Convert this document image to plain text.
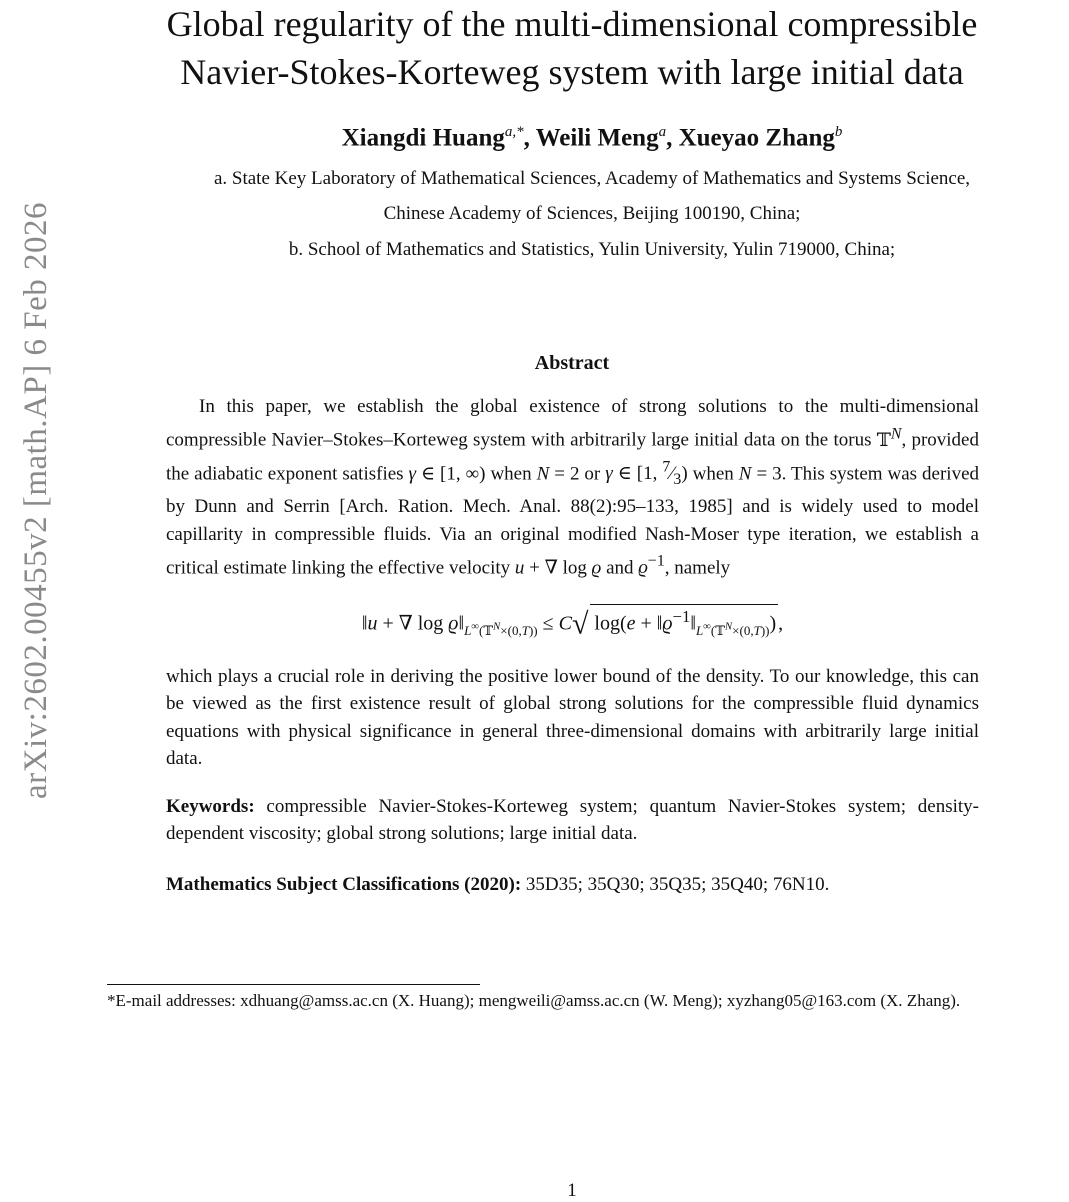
arXiv:2602.00455v2 [math.AP] 6 Feb 2026
Global regularity of the multi-dimensional compressible
Navier-Stokes-Korteweg system with large initial data
Xiangdi Huang$^{a,*}$, Weili Meng$^a$, Xueyao Zhang$^b$
a. State Key Laboratory of Mathematical Sciences, Academy of Mathematics and Systems Science,
Chinese Academy of Sciences, Beijing 100190, China;
b. School of Mathematics and Statistics, Yulin University, Yulin 719000, China;
Abstract

In this paper, we establish the global existence of strong solutions to the multi-dimensional compressible Navier–Stokes–Korteweg system with arbitrarily large initial data on the torus 𝕋$^N$, provided the adiabatic exponent satisfies γ ∈ [1, ∞) when N = 2 or γ ∈ [1, $^7⁄_3$) when N = 3. This system was derived by Dunn and Serrin [Arch. Ration. Mech. Anal. 88(2):95–133, 1985] and is widely used to model capillarity in compressible fluids. Via an original modified Nash-Moser type iteration, we establish a critical estimate linking the effective velocity u + ∇ log ϱ and $ϱ^{-1}$, namely

‖u + ∇ $\log ϱ‖_{L^\infty(𝕋^N\times(0,T))} \le C√$ $\log(e + ‖ϱ^{-1}‖_{L^\infty(𝕋^N\times(0,T))})$ ,

which plays a crucial role in deriving the positive lower bound of the density. To our knowledge, this can be viewed as the first existence result of global strong solutions for the compressible fluid dynamics equations with physical significance in general three-dimensional domains with arbitrarily large initial data.

Keywords: compressible Navier-Stokes-Korteweg system; quantum Navier-Stokes system; density-dependent viscosity; global strong solutions; large initial data.

Mathematics Subject Classifications (2020): 35D35; 35Q30; 35Q35; 35Q40; 76N10.

*E-mail addresses: xdhuang@amss.ac.cn (X. Huang); mengweili@amss.ac.cn (W. Meng); xyzhang05@163.com (X. Zhang).

1
